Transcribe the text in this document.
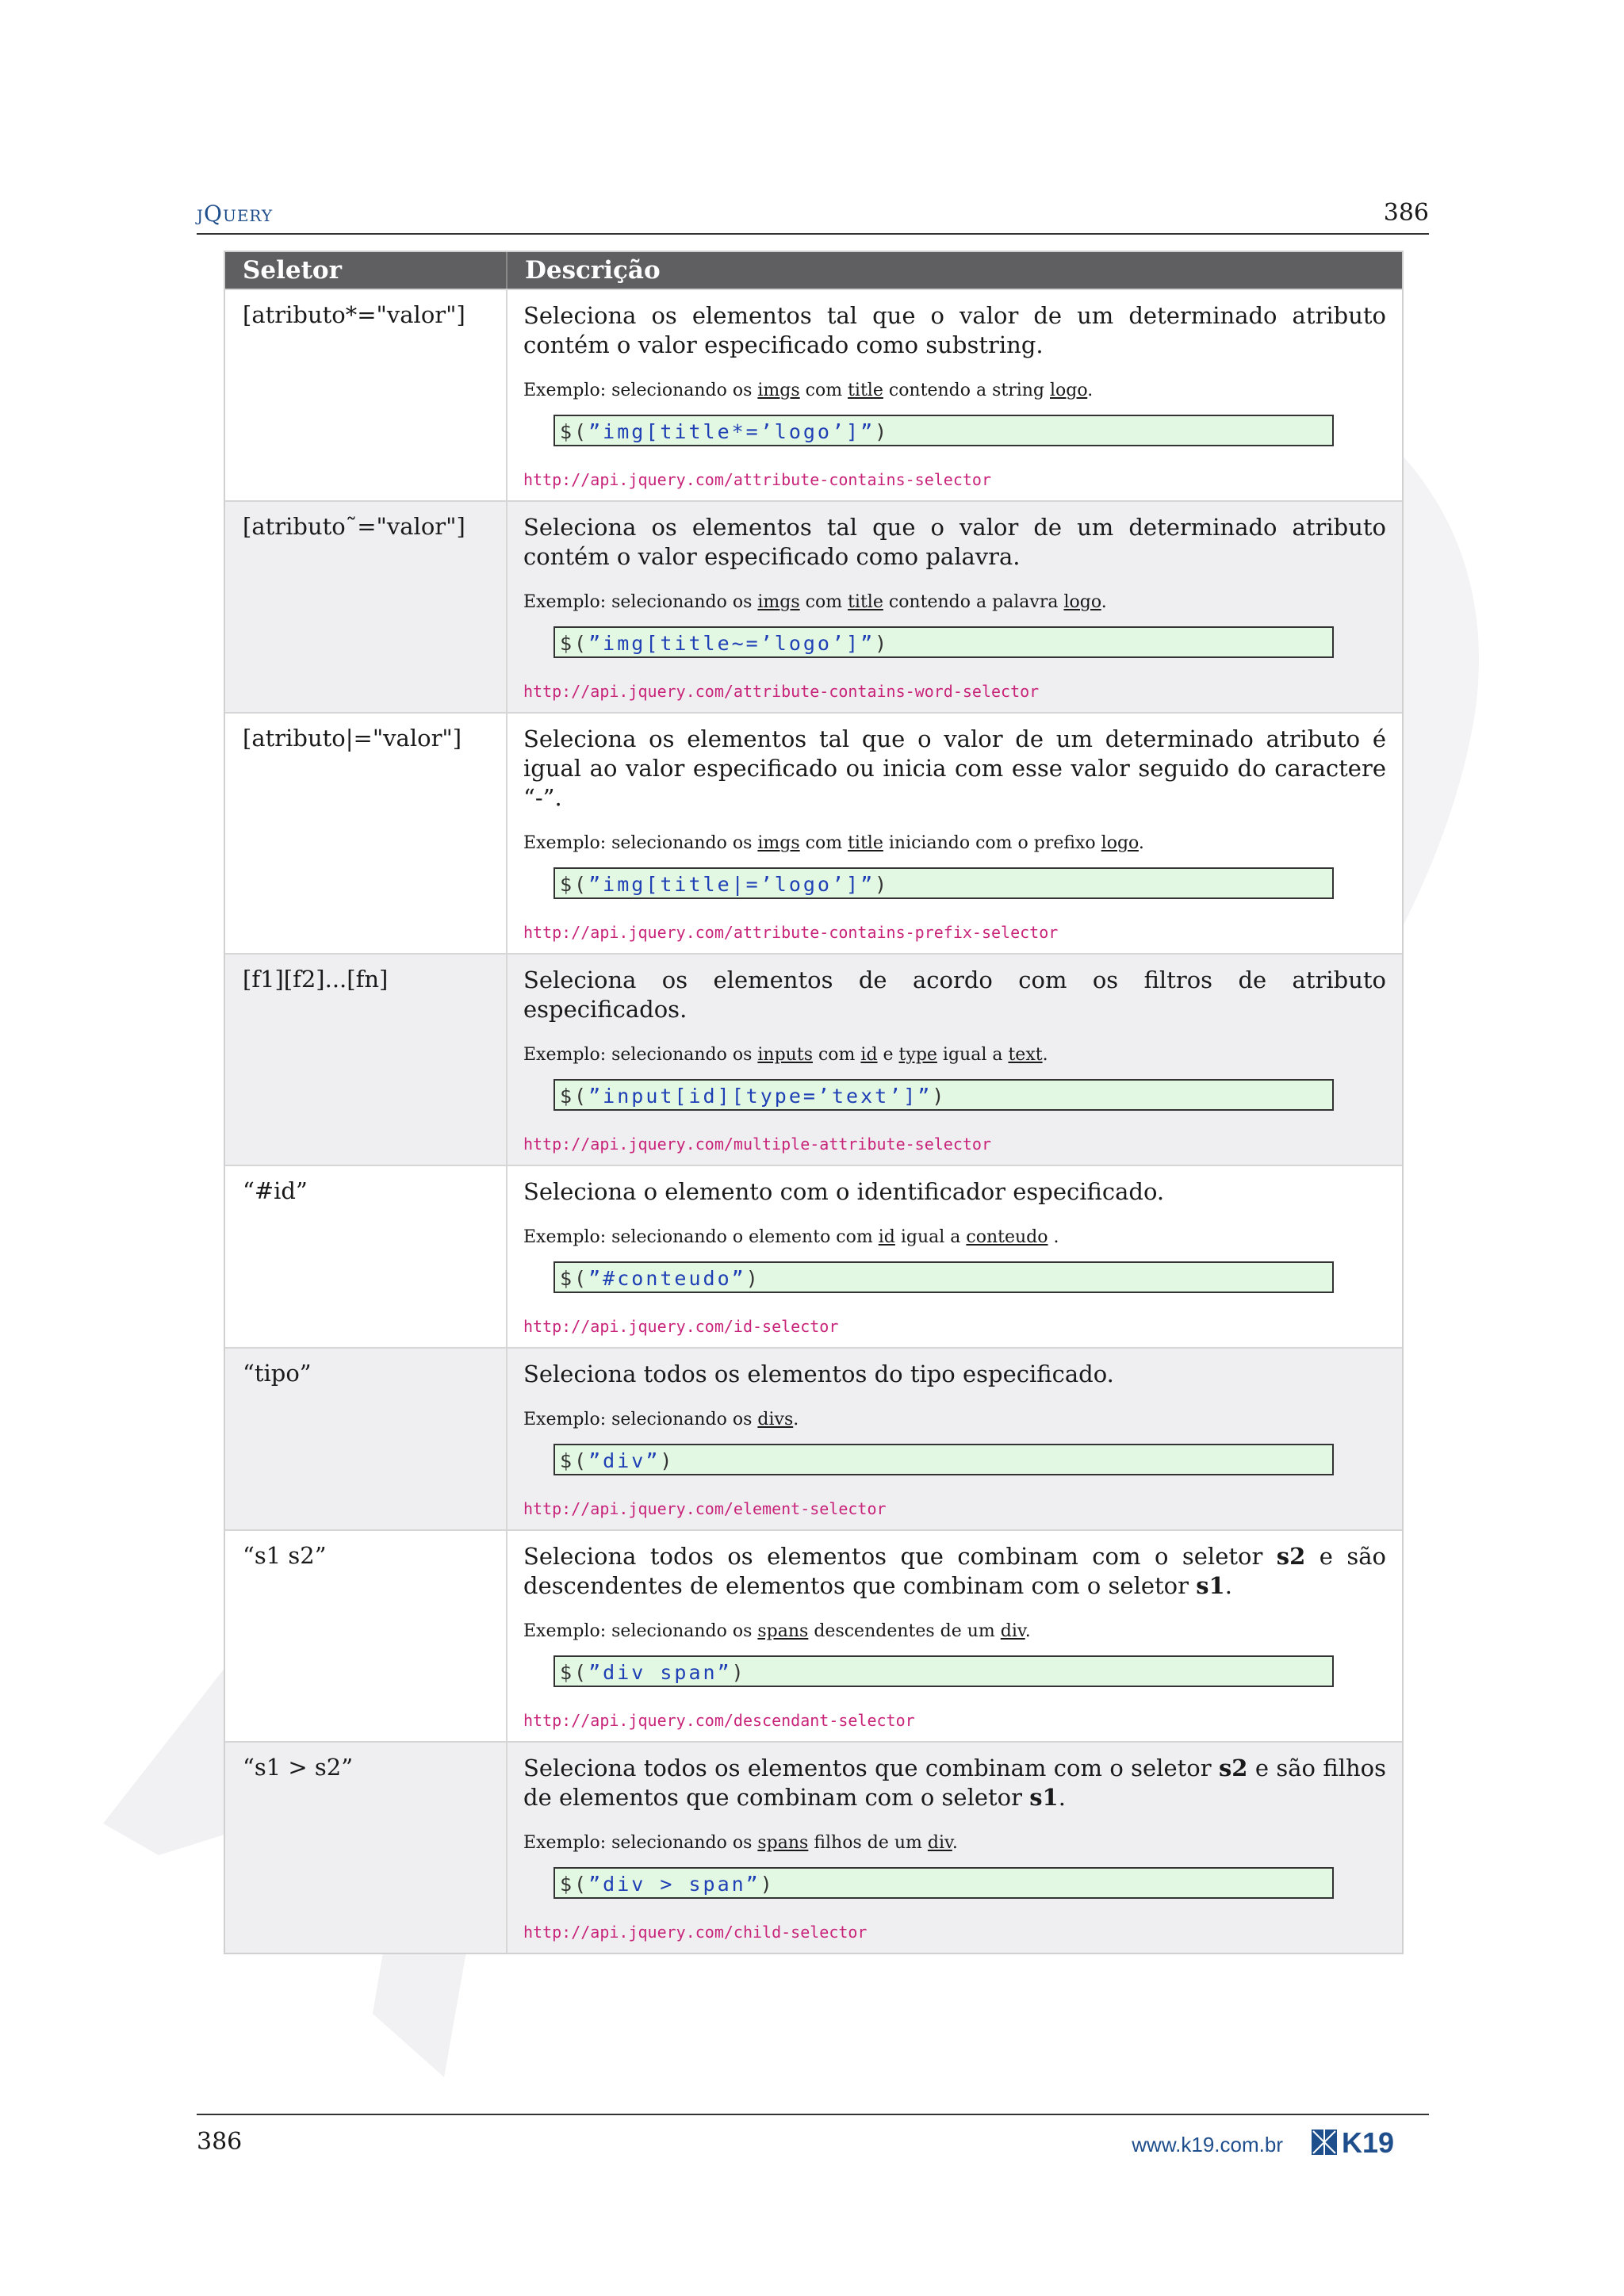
jQuery	386
Seletor	Descrição
[atributo*="valor"]	Seleciona os elementos tal que o valor de um determinado atributo contém o valor especificado como substring.
Exemplo: selecionando os imgs com title contendo a string logo.
$(”img[title*=’logo’]”)
http://api.jquery.com/attribute-contains-selector
[atributo˜="valor"]	Seleciona os elementos tal que o valor de um determinado atributo contém o valor especificado como palavra.
Exemplo: selecionando os imgs com title contendo a palavra logo.
$(”img[title~=’logo’]”)
http://api.jquery.com/attribute-contains-word-selector
[atributo|="valor"]	Seleciona os elementos tal que o valor de um determinado atributo é igual ao valor especificado ou inicia com esse valor seguido do caractere “-”.
Exemplo: selecionando os imgs com title iniciando com o prefixo logo.
$(”img[title|=’logo’]”)
http://api.jquery.com/attribute-contains-prefix-selector
[f1][f2]...[fn]	Seleciona os elementos de acordo com os filtros de atributo especificados.
Exemplo: selecionando os inputs com id e type igual a text.
$(”input[id][type=’text’]”)
http://api.jquery.com/multiple-attribute-selector
“#id”	Seleciona o elemento com o identificador especificado.
Exemplo: selecionando o elemento com id igual a conteudo .
$(”#conteudo”)
http://api.jquery.com/id-selector
“tipo”	Seleciona todos os elementos do tipo especificado.
Exemplo: selecionando os divs.
$(”div”)
http://api.jquery.com/element-selector
“s1 s2”	Seleciona todos os elementos que combinam com o seletor s2 e são descendentes de elementos que combinam com o seletor s1.
Exemplo: selecionando os spans descendentes de um div.
$(”div span”)
http://api.jquery.com/descendant-selector
“s1 > s2”	Seleciona todos os elementos que combinam com o seletor s2 e são filhos de elementos que combinam com o seletor s1.
Exemplo: selecionando os spans filhos de um div.
$(”div > span”)
http://api.jquery.com/child-selector
386	www.k19.com.br K19
